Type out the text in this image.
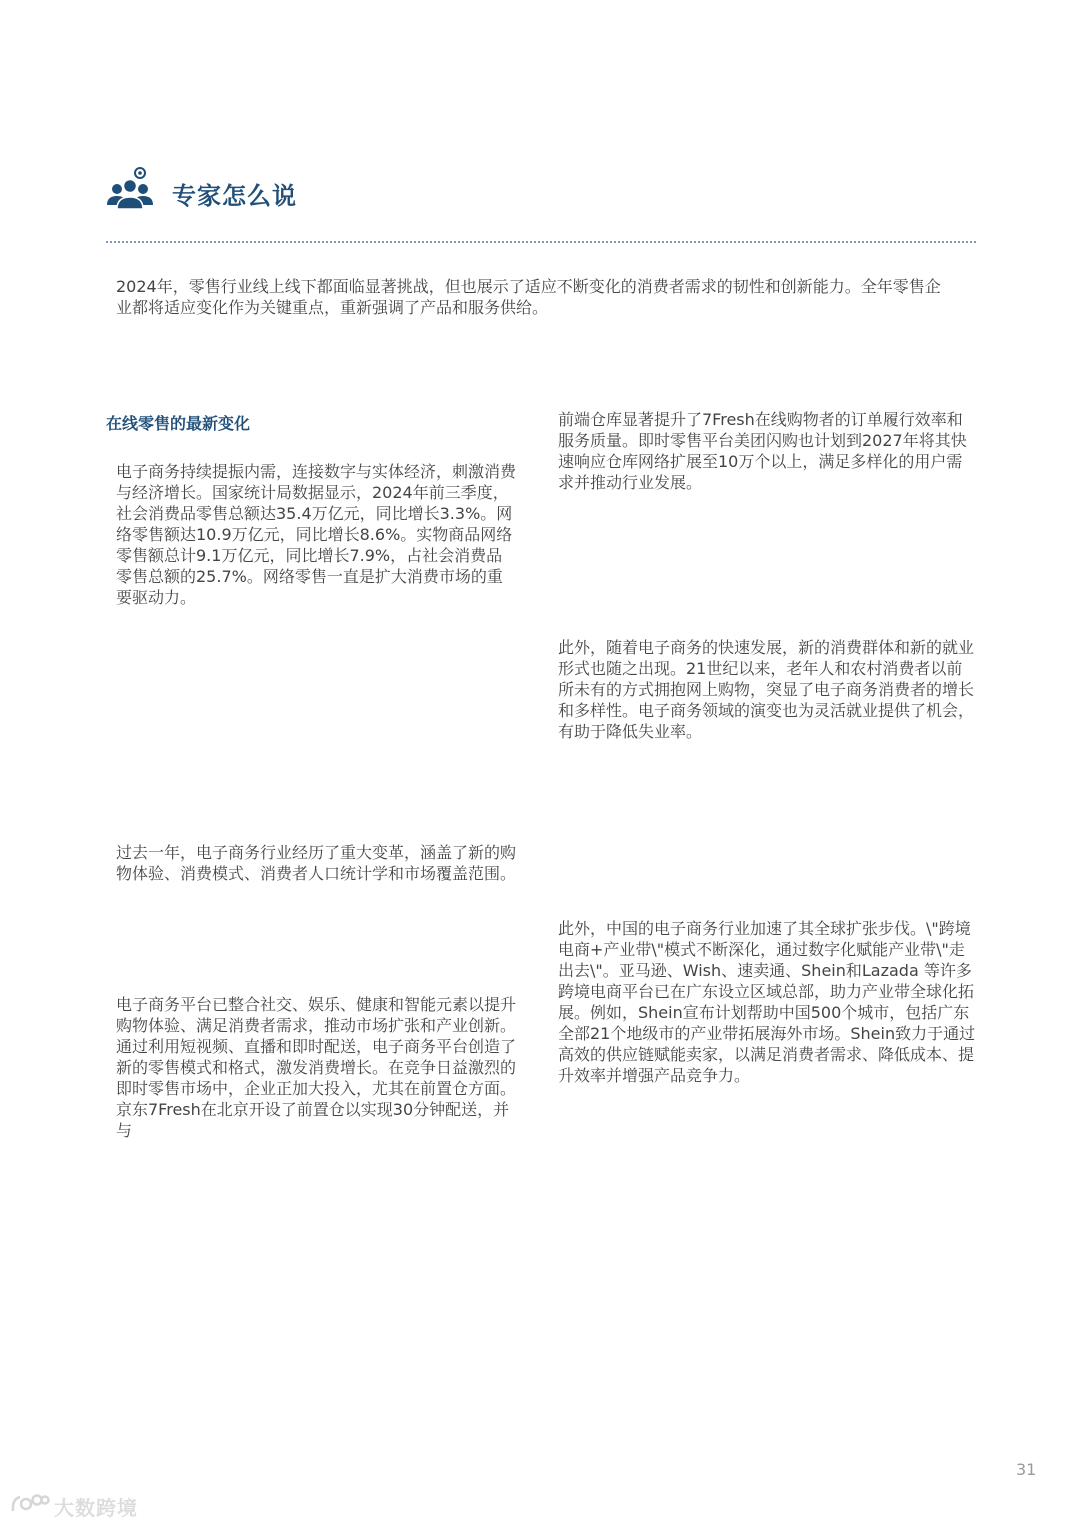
专家怎么说
2024年，零售行业线上线下都面临显著挑战，但也展示了适应不断变化的消费者需求的韧性和创新能力。全年零售企业都将适应变化作为关键重点，重新强调了产品和服务供给。
在线零售的最新变化
电子商务持续提振内需，连接数字与实体经济，刺激消费与经济增长。国家统计局数据显示，2024年前三季度，社会消费品零售总额达35.4万亿元，同比增长3.3%。网络零售额达10.9万亿元，同比增长8.6%。实物商品网络零售额总计9.1万亿元，同比增长7.9%，占社会消费品零售总额的25.7%。网络零售一直是扩大消费市场的重要驱动力。
过去一年，电子商务行业经历了重大变革，涵盖了新的购物体验、消费模式、消费者人口统计学和市场覆盖范围。
电子商务平台已整合社交、娱乐、健康和智能元素以提升购物体验、满足消费者需求，推动市场扩张和产业创新。通过利用短视频、直播和即时配送，电子商务平台创造了新的零售模式和格式，激发消费增长。在竞争日益激烈的即时零售市场中，企业正加大投入，尤其在前置仓方面。京东7Fresh在北京开设了前置仓以实现30分钟配送，并与
前端仓库显著提升了7Fresh在线购物者的订单履行效率和服务质量。即时零售平台美团闪购也计划到2027年将其快速响应仓库网络扩展至10万个以上，满足多样化的用户需求并推动行业发展。
此外，随着电子商务的快速发展，新的消费群体和新的就业形式也随之出现。21世纪以来，老年人和农村消费者以前所未有的方式拥抱网上购物，突显了电子商务消费者的增长和多样性。电子商务领域的演变也为灵活就业提供了机会，有助于降低失业率。
此外，中国的电子商务行业加速了其全球扩张步伐。\"跨境电商+产业带\"模式不断深化，通过数字化赋能产业带\"走出去\"。亚马逊、Wish、速卖通、Shein和Lazada 等许多跨境电商平台已在广东设立区域总部，助力产业带全球化拓展。例如，Shein宣布计划帮助中国500个城市，包括广东全部21个地级市的产业带拓展海外市场。Shein致力于通过高效的供应链赋能卖家，以满足消费者需求、降低成本、提升效率并增强产品竞争力。
31
大数跨境
